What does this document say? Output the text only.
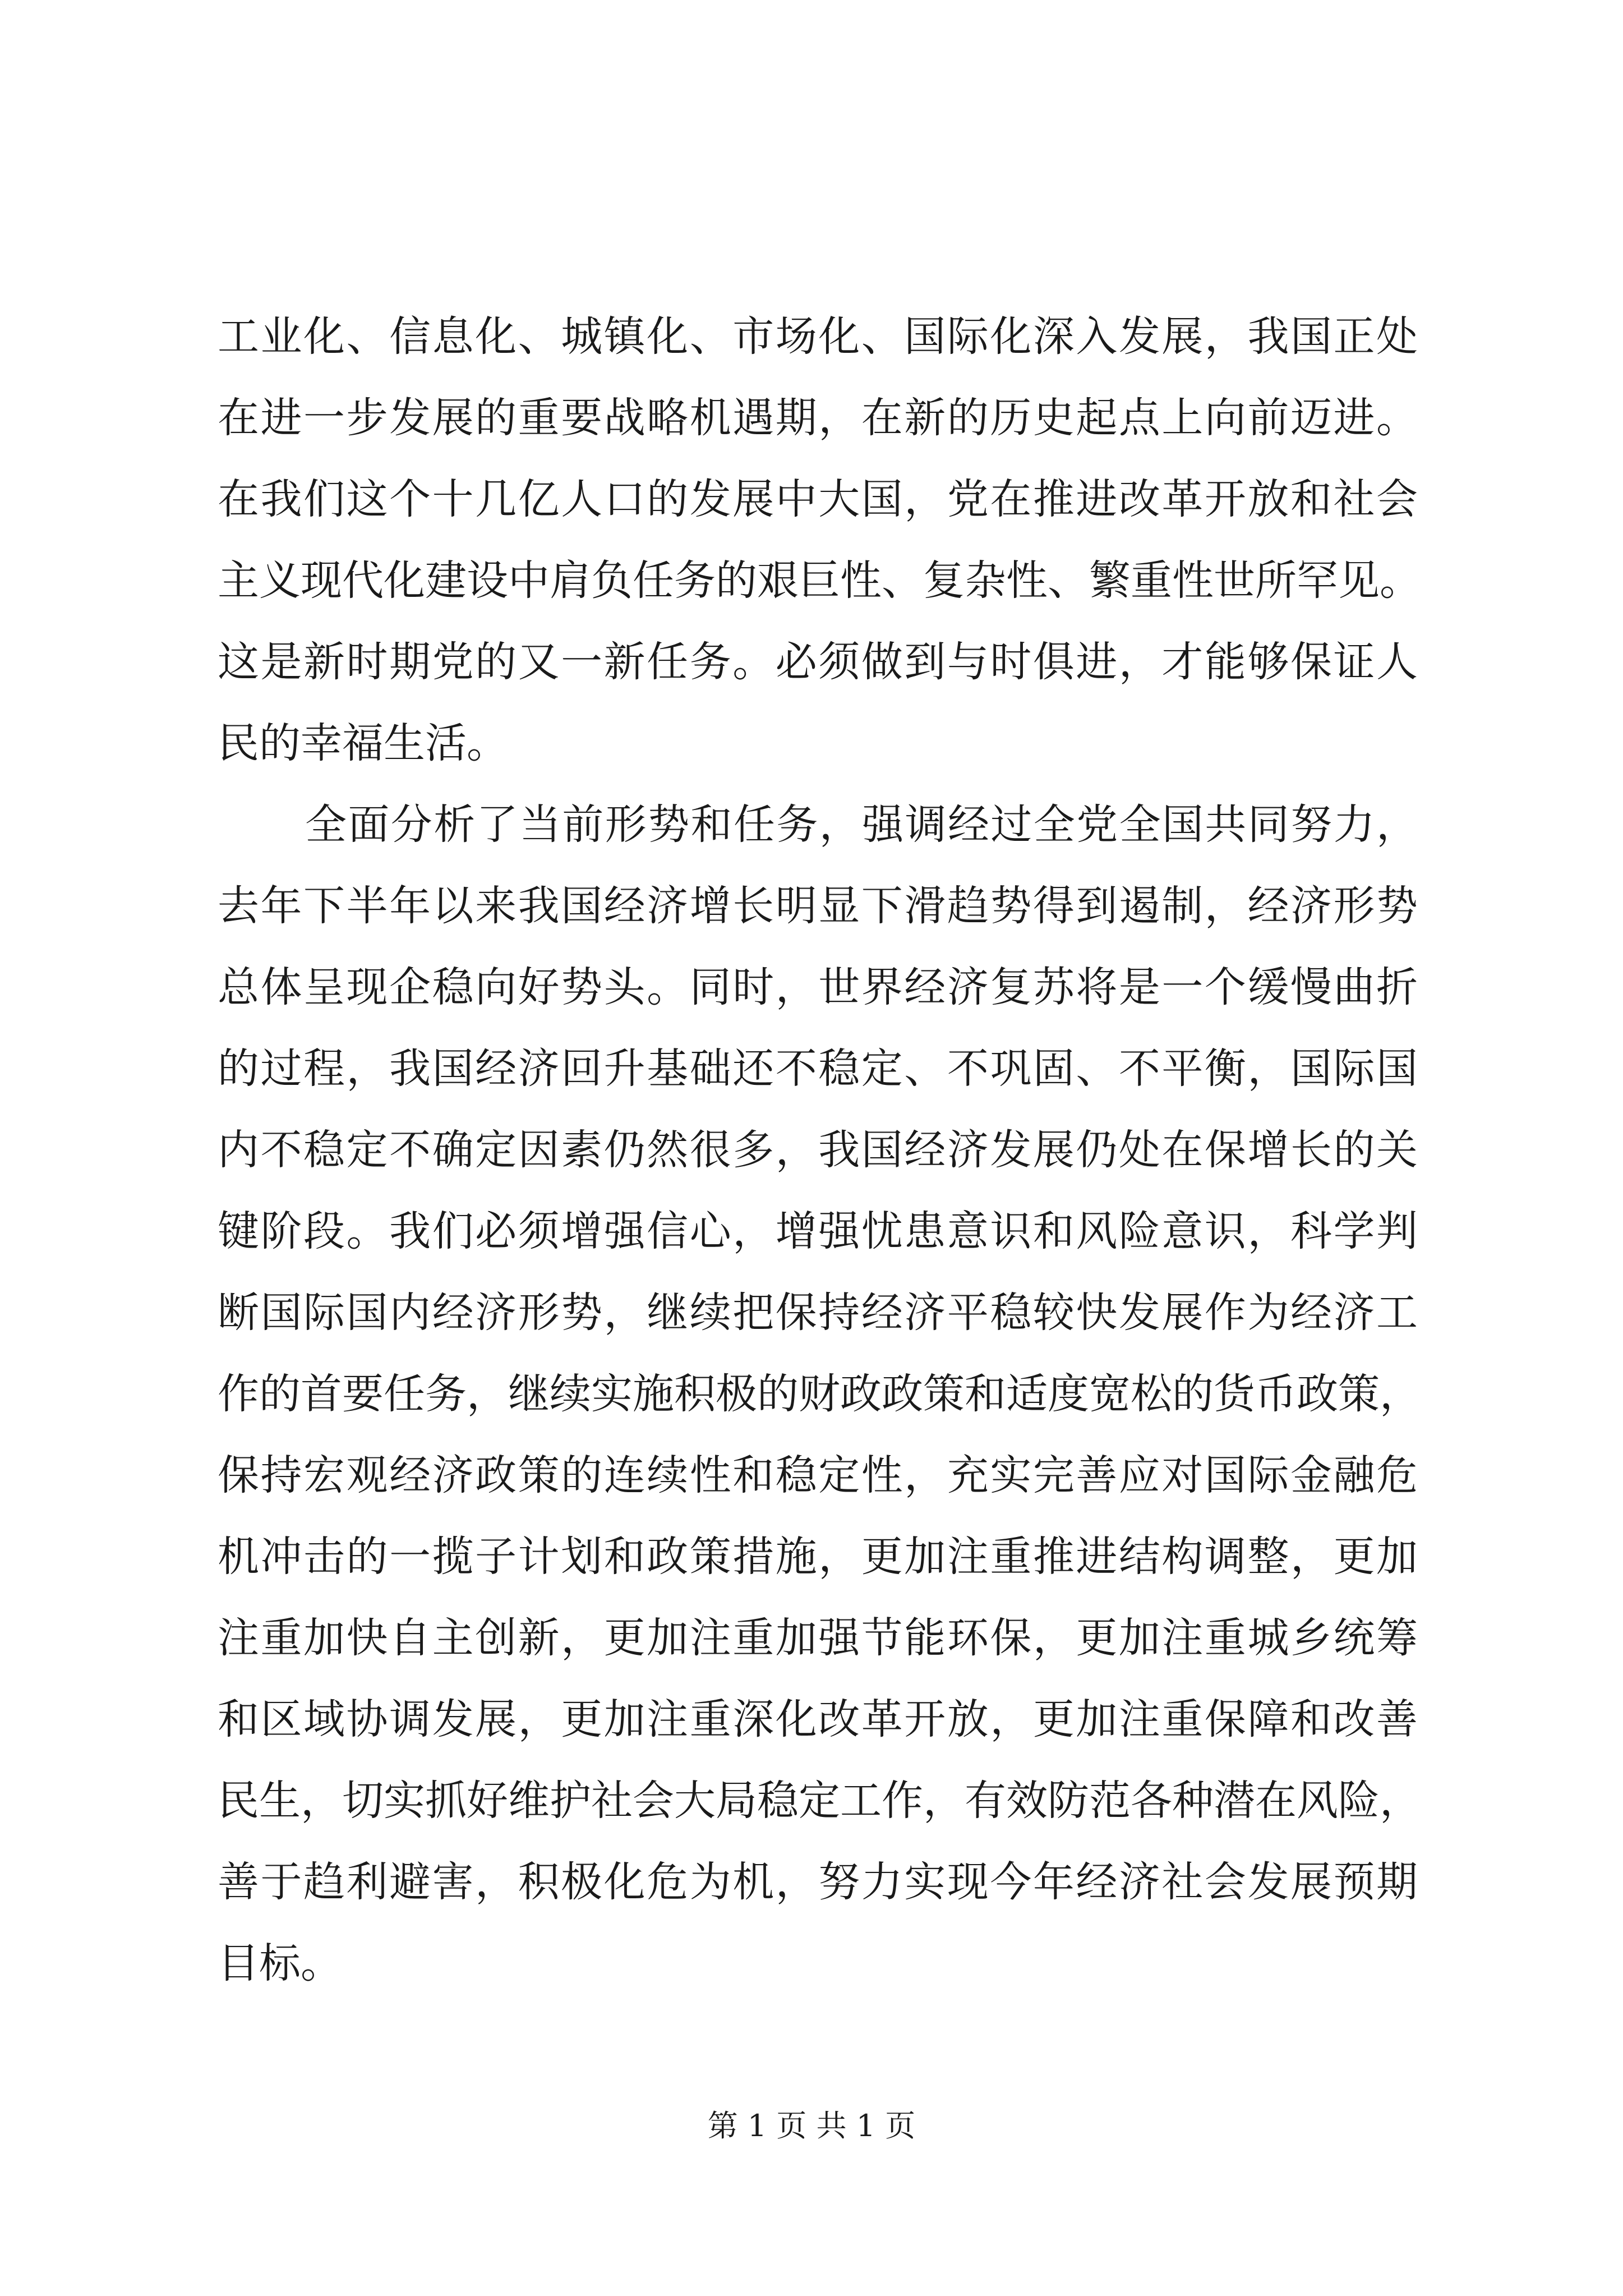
工业化、信息化、城镇化、市场化、国际化深入发展，我国正处
在进一步发展的重要战略机遇期，在新的历史起点上向前迈进。
在我们这个十几亿人口的发展中大国，党在推进改革开放和社会
主义现代化建设中肩负任务的艰巨性、复杂性、繁重性世所罕见。
这是新时期党的又一新任务。必须做到与时俱进，才能够保证人
民的幸福生活。
全面分析了当前形势和任务，强调经过全党全国共同努力，
去年下半年以来我国经济增长明显下滑趋势得到遏制，经济形势
总体呈现企稳向好势头。同时，世界经济复苏将是一个缓慢曲折
的过程，我国经济回升基础还不稳定、不巩固、不平衡，国际国
内不稳定不确定因素仍然很多，我国经济发展仍处在保增长的关
键阶段。我们必须增强信心，增强忧患意识和风险意识，科学判
断国际国内经济形势，继续把保持经济平稳较快发展作为经济工
作的首要任务，继续实施积极的财政政策和适度宽松的货币政策，
保持宏观经济政策的连续性和稳定性，充实完善应对国际金融危
机冲击的一揽子计划和政策措施，更加注重推进结构调整，更加
注重加快自主创新，更加注重加强节能环保，更加注重城乡统筹
和区域协调发展，更加注重深化改革开放，更加注重保障和改善
民生，切实抓好维护社会大局稳定工作，有效防范各种潜在风险，
善于趋利避害，积极化危为机，努力实现今年经济社会发展预期
目标。
第 1 页 共 1 页
